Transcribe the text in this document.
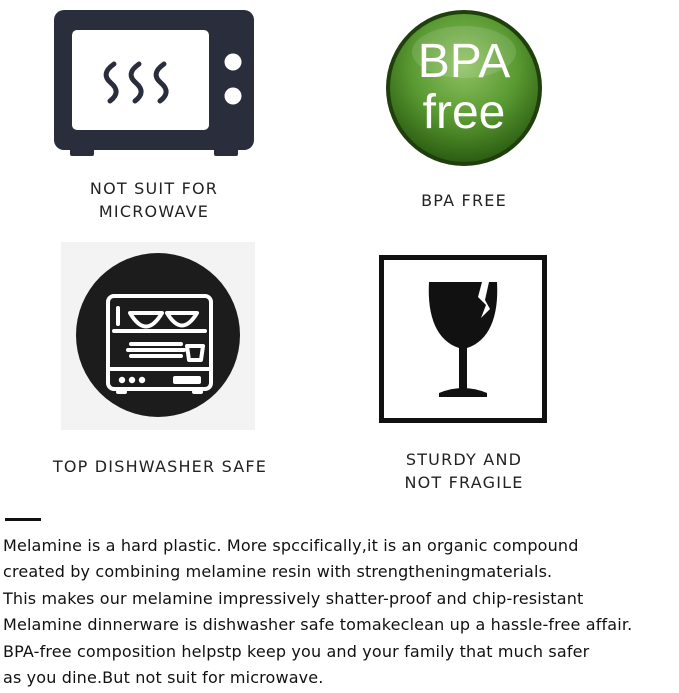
NOT SUIT FOR
MICROWAVE
BPA
free
BPA FREE
TOP DISHWASHER SAFE	STURDY AND
NOT FRAGILE
Melamine is a hard plastic. More spccifically,it is an organic compound
created by combining melamine resin with strengtheningmaterials.
This makes our melamine impressively shatter-proof and chip-resistant
Melamine dinnerware is dishwasher safe tomakeclean up a hassle-free affair.
BPA-free composition helpstp keep you and your family that much safer
as you dine.But not suit for microwave.
